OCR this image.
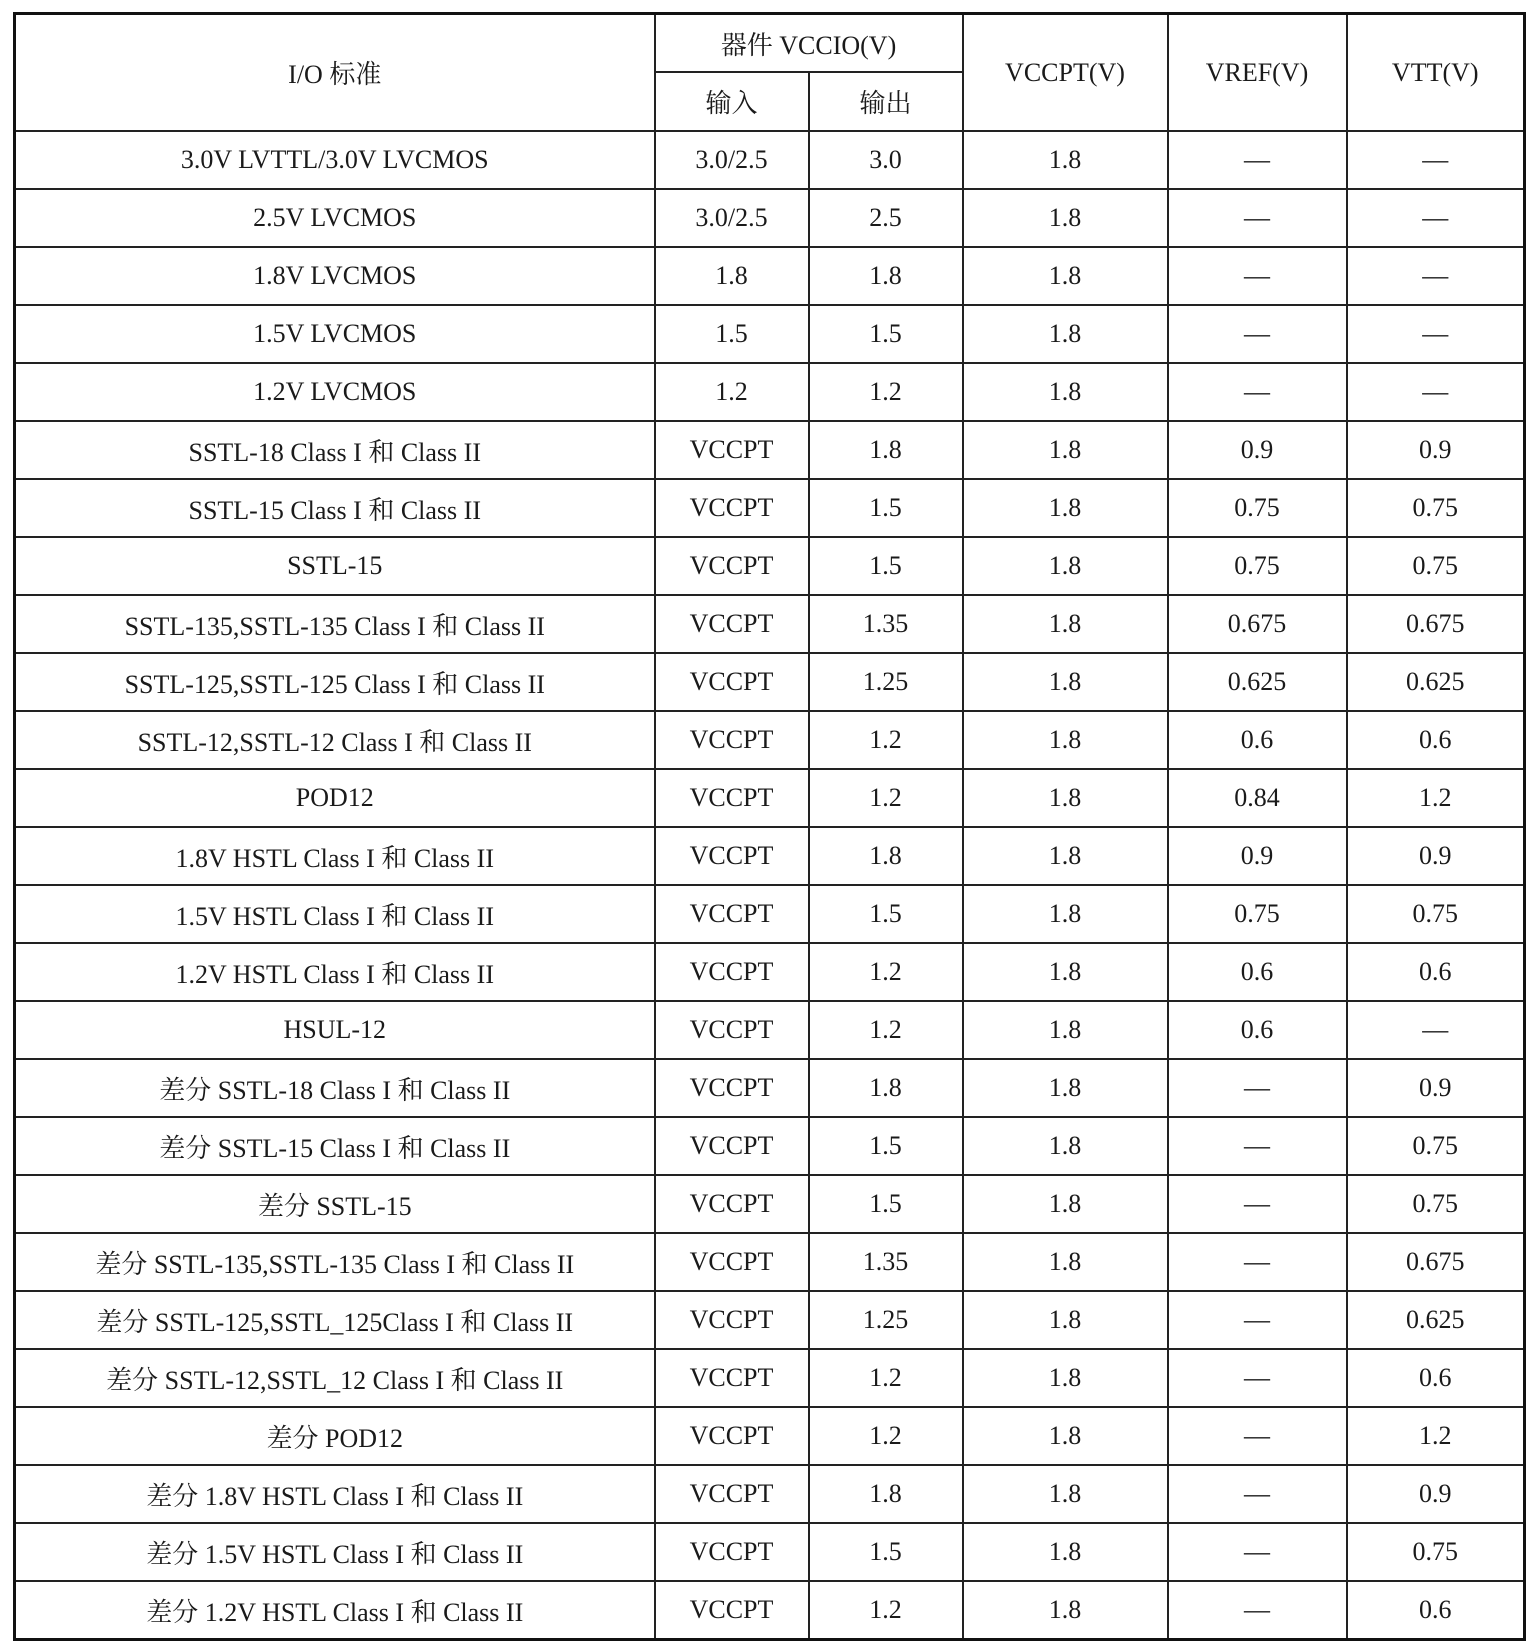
I/O 标准	器件 VCCIO(V)		VCCPT(V)	VREF(V)	VTT(V)
	输入	输出			
3.0V LVTTL/3.0V LVCMOS	3.0/2.5	3.0	1.8	—	—
2.5V LVCMOS	3.0/2.5	2.5	1.8	—	—
1.8V LVCMOS	1.8	1.8	1.8	—	—
1.5V LVCMOS	1.5	1.5	1.8	—	—
1.2V LVCMOS	1.2	1.2	1.8	—	—
SSTL-18 Class I 和 Class II	VCCPT	1.8	1.8	0.9	0.9
SSTL-15 Class I 和 Class II	VCCPT	1.5	1.8	0.75	0.75
SSTL-15	VCCPT	1.5	1.8	0.75	0.75
SSTL-135,SSTL-135 Class I 和 Class II	VCCPT	1.35	1.8	0.675	0.675
SSTL-125,SSTL-125 Class I 和 Class II	VCCPT	1.25	1.8	0.625	0.625
SSTL-12,SSTL-12 Class I 和 Class II	VCCPT	1.2	1.8	0.6	0.6
POD12	VCCPT	1.2	1.8	0.84	1.2
1.8V HSTL Class I 和 Class II	VCCPT	1.8	1.8	0.9	0.9
1.5V HSTL Class I 和 Class II	VCCPT	1.5	1.8	0.75	0.75
1.2V HSTL Class I 和 Class II	VCCPT	1.2	1.8	0.6	0.6
HSUL-12	VCCPT	1.2	1.8	0.6	—
差分 SSTL-18 Class I 和 Class II	VCCPT	1.8	1.8	—	0.9
差分 SSTL-15 Class I 和 Class II	VCCPT	1.5	1.8	—	0.75
差分 SSTL-15	VCCPT	1.5	1.8	—	0.75
差分 SSTL-135,SSTL-135 Class I 和 Class II	VCCPT	1.35	1.8	—	0.675
差分 SSTL-125,SSTL_125Class I 和 Class II	VCCPT	1.25	1.8	—	0.625
差分 SSTL-12,SSTL_12 Class I 和 Class II	VCCPT	1.2	1.8	—	0.6
差分 POD12	VCCPT	1.2	1.8	—	1.2
差分 1.8V HSTL Class I 和 Class II	VCCPT	1.8	1.8	—	0.9
差分 1.5V HSTL Class I 和 Class II	VCCPT	1.5	1.8	—	0.75
差分 1.2V HSTL Class I 和 Class II	VCCPT	1.2	1.8	—	0.6
